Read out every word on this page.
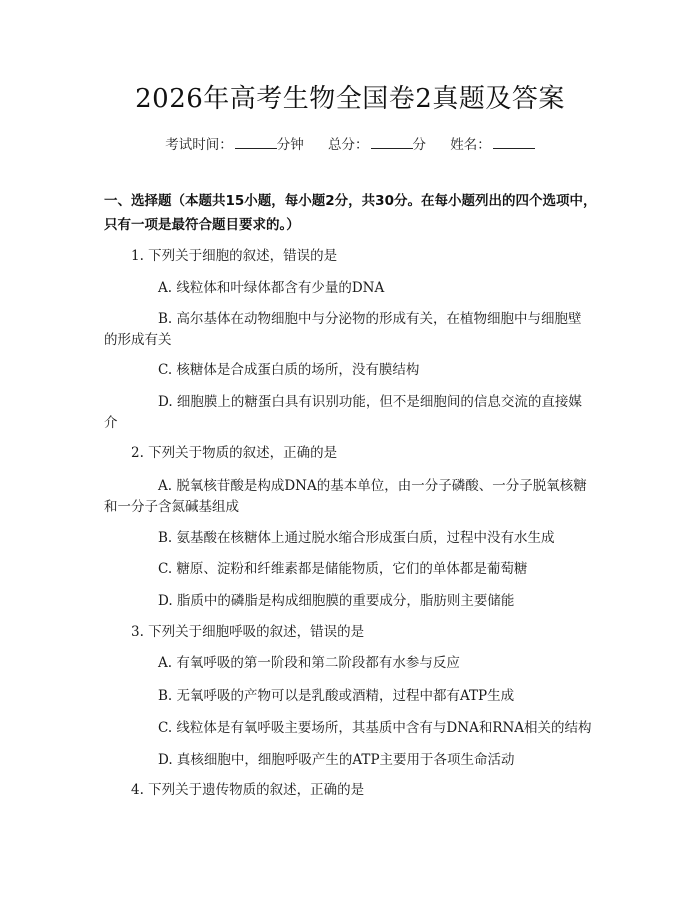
2026年高考生物全国卷2真题及答案
考试时间：	分钟 总分：	分 姓名：
一、选择题（本题共15小题，每小题2分，共30分。在每小题列出的四个选项中，只有一项是最符合题目要求的。）
1. 下列关于细胞的叙述，错误的是
A. 线粒体和叶绿体都含有少量的DNA
B. 高尔基体在动物细胞中与分泌物的形成有关，在植物细胞中与细胞壁
的形成有关
C. 核糖体是合成蛋白质的场所，没有膜结构
D. 细胞膜上的糖蛋白具有识别功能，但不是细胞间的信息交流的直接媒
介
2. 下列关于物质的叙述，正确的是
A. 脱氧核苷酸是构成DNA的基本单位，由一分子磷酸、一分子脱氧核糖
和一分子含氮碱基组成
B. 氨基酸在核糖体上通过脱水缩合形成蛋白质，过程中没有水生成
C. 糖原、淀粉和纤维素都是储能物质，它们的单体都是葡萄糖
D. 脂质中的磷脂是构成细胞膜的重要成分，脂肪则主要储能
3. 下列关于细胞呼吸的叙述，错误的是
A. 有氧呼吸的第一阶段和第二阶段都有水参与反应
B. 无氧呼吸的产物可以是乳酸或酒精，过程中都有ATP生成
C. 线粒体是有氧呼吸主要场所，其基质中含有与DNA和RNA相关的结构
D. 真核细胞中，细胞呼吸产生的ATP主要用于各项生命活动
4. 下列关于遗传物质的叙述，正确的是
